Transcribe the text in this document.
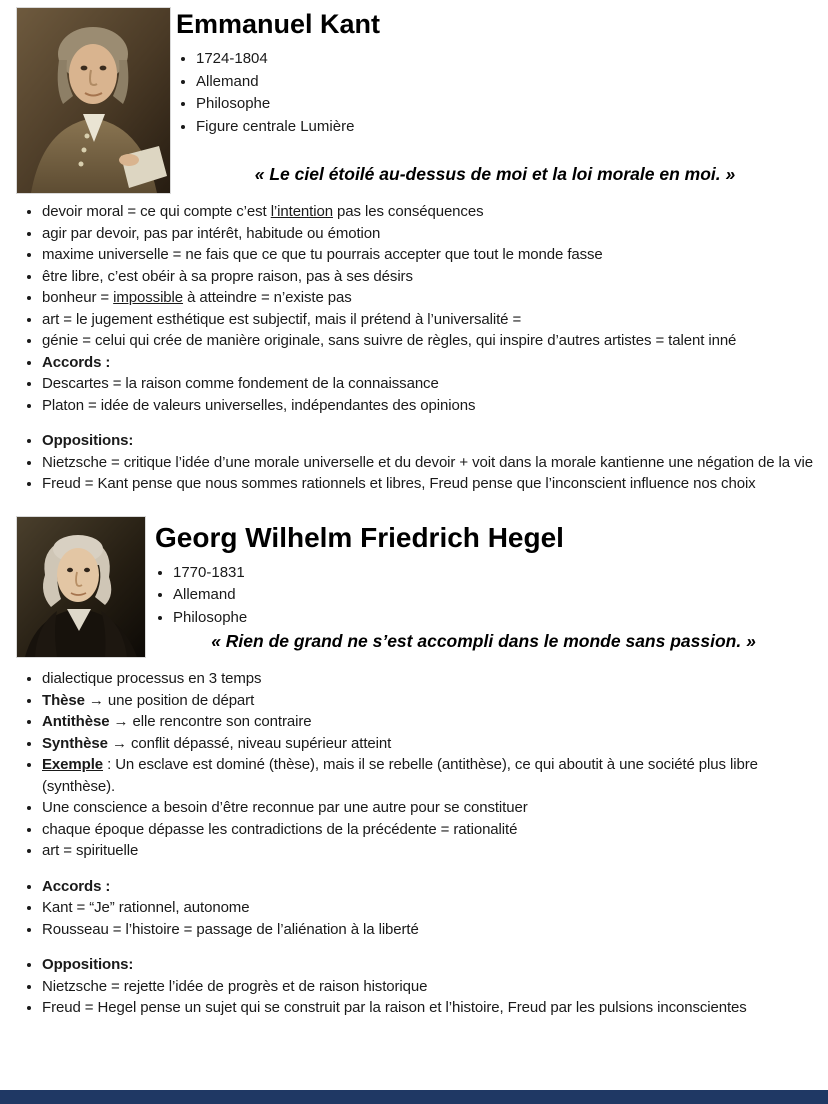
Emmanuel Kant
• 1724-1804
• Allemand
• Philosophe
• Figure centrale Lumière
« Le ciel étoilé au-dessus de moi et la loi morale en moi. »
• devoir moral = ce qui compte c’est l’intention pas les conséquences
• agir par devoir, pas par intérêt, habitude ou émotion
• maxime universelle = ne fais que ce que tu pourrais accepter que tout le monde fasse
• être libre, c’est obéir à sa propre raison, pas à ses désirs
• bonheur = impossible à atteindre = n’existe pas
• art = le jugement esthétique est subjectif, mais il prétend à l’universalité =
• génie = celui qui crée de manière originale, sans suivre de règles, qui inspire d’autres artistes = talent inné
• Accords :
• Descartes = la raison comme fondement de la connaissance
• Platon = idée de valeurs universelles, indépendantes des opinions
• Oppositions:
• Nietzsche = critique l’idée d’une morale universelle et du devoir + voit dans la morale kantienne une négation de la vie
• Freud = Kant pense que nous sommes rationnels et libres, Freud pense que l’inconscient influence nos choix
Georg Wilhelm Friedrich Hegel
• 1770-1831
• Allemand
• Philosophe
« Rien de grand ne s’est accompli dans le monde sans passion. »
• dialectique processus en 3 temps
• Thèse → une position de départ
• Antithèse → elle rencontre son contraire
• Synthèse → conflit dépassé, niveau supérieur atteint
• Exemple : Un esclave est dominé (thèse), mais il se rebelle (antithèse), ce qui aboutit à une société plus libre (synthèse).
• Une conscience a besoin d’être reconnue par une autre pour se constituer
• chaque époque dépasse les contradictions de la précédente = rationalité
• art = spirituelle
• Accords :
• Kant = “Je” rationnel, autonome
• Rousseau = l’histoire = passage de l’aliénation à la liberté
• Oppositions:
• Nietzsche = rejette l’idée de progrès et de raison historique
• Freud = Hegel pense un sujet qui se construit par la raison et l’histoire, Freud par les pulsions inconscientes
